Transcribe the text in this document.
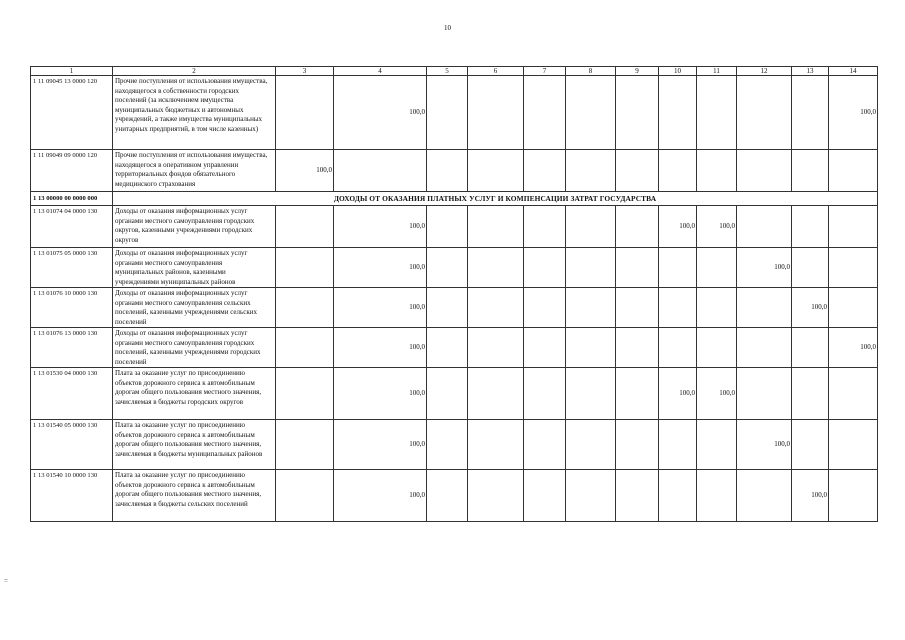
10
1	2	3	4	5	6	7	8	9	10	11	12	13	14
1 11 09045 13 0000 120	Прочие поступления от использования имущества, находящегося в собственности городских поселений (за исключением имущества муниципальных бюджетных и автономных учреждений, а также имущества муниципальных унитарных предприятий, в том числе казенных)		100,0										100,0
1 11 09049 09 0000 120	Прочие поступления от использования имущества, находящегося в оперативном управлении территориальных фондов обязательного медицинского страхования	100,0											
1 13 00000 00 0000 000	ДОХОДЫ ОТ ОКАЗАНИЯ ПЛАТНЫХ УСЛУГ И КОМПЕНСАЦИИ ЗАТРАТ ГОСУДАРСТВА												
1 13 01074 04 0000 130	Доходы от оказания информационных услуг органами местного самоуправления городских округов, казенными учреждениями городских округов		100,0						100,0	100,0			
1 13 01075 05 0000 130	Доходы от оказания информационных услуг органами местного самоуправления муниципальных районов, казенными учреждениями муниципальных районов		100,0								100,0		
1 13 01076 10 0000 130	Доходы от оказания информационных услуг органами местного самоуправления сельских поселений, казенными учреждениями сельских поселений		100,0									100,0	
1 13 01076 13 0000 130	Доходы от оказания информационных услуг органами местного самоуправления городских поселений, казенными учреждениями городских поселений		100,0										100,0
1 13 01530 04 0000 130	Плата за оказание услуг по присоединению объектов дорожного сервиса к автомобильным дорогам общего пользования местного значения, зачисляемая в бюджеты городских округов		100,0						100,0	100,0			
1 13 01540 05 0000 130	Плата за оказание услуг по присоединению объектов дорожного сервиса к автомобильным дорогам общего пользования местного значения, зачисляемая в бюджеты муниципальных районов		100,0								100,0		
1 13 01540 10 0000 130	Плата за оказание услуг по присоединению объектов дорожного сервиса к автомобильным дорогам общего пользования местного значения, зачисляемая в бюджеты сельских поселений		100,0									100,0	
=
